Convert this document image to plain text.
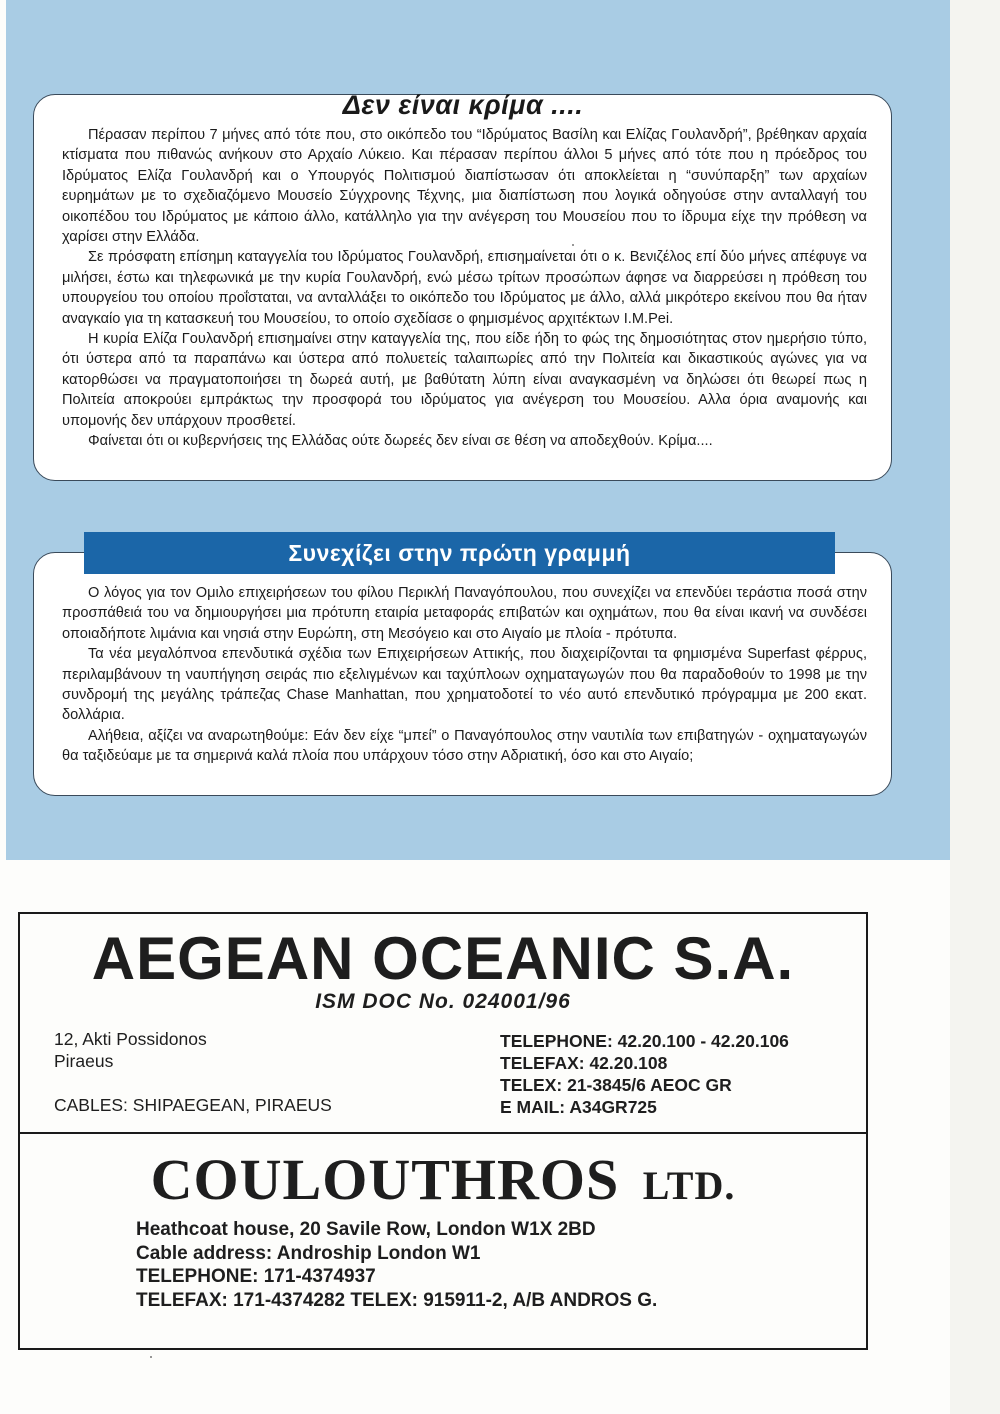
Πέρασαν περίπου 7 μήνες από τότε που, στο οικόπεδο του “Ιδρύματος Βασίλη και Ελίζας Γουλανδρή”, βρέθηκαν αρχαία κτίσματα που πιθανώς ανήκουν στο Αρχαίο Λύκειο. Και πέρασαν περίπου άλλοι 5 μήνες από τότε που η πρόεδρος του Ιδρύματος Ελίζα Γουλανδρή και ο Υπουργός Πολιτισμού διαπίστωσαν ότι αποκλείεται η “συνύπαρξη” των αρχαίων ευρημάτων με το σχεδιαζόμενο Μουσείο Σύγχρονης Τέχνης, μια διαπίστωση που λογικά οδηγούσε στην ανταλλαγή του οικοπέδου του Ιδρύματος με κάποιο άλλο, κατάλληλο για την ανέγερση του Μουσείου που το ίδρυμα είχε την πρόθεση να χαρίσει στην Ελλάδα.

Σε πρόσφατη επίσημη καταγγελία του Ιδρύματος Γουλανδρή, επισημαίνεται ότι ο κ. Βενιζέλος επί δύο μήνες απέφυγε να μιλήσει, έστω και τηλεφωνικά με την κυρία Γουλανδρή, ενώ μέσω τρίτων προσώπων άφησε να διαρρεύσει η πρόθεση του υπουργείου του οποίου προΐσταται, να ανταλλάξει το οικόπεδο του Ιδρύματος με άλλο, αλλά μικρότερο εκείνου που θα ήταν αναγκαίο για τη κατασκευή του Μουσείου, το οποίο σχεδίασε ο φημισμένος αρχιτέκτων I.M.Pei.

Η κυρία Ελίζα Γουλανδρή επισημαίνει στην καταγγελία της, που είδε ήδη το φώς της δημοσιότητας στον ημερήσιο τύπο, ότι ύστερα από τα παραπάνω και ύστερα από πολυετείς ταλαιπωρίες από την Πολιτεία και δικαστικούς αγώνες για να κατορθώσει να πραγματοποιήσει τη δωρεά αυτή, με βαθύτατη λύπη είναι αναγκασμένη να δηλώσει ότι θεωρεί πως η Πολιτεία αποκρούει εμπράκτως την προσφορά του ιδρύματος για ανέγερση του Μουσείου. Αλλα όρια αναμονής και υπομονής δεν υπάρχουν προσθετεί.

Φαίνεται ότι οι κυβερνήσεις της Ελλάδας ούτε δωρεές δεν είναι σε θέση να αποδεχθούν. Κρίμα....

Δεν είναι κρίμα ....

Ο λόγος για τον Ομιλο επιχειρήσεων του φίλου Περικλή Παναγόπουλου, που συνεχίζει να επενδύει τεράστια ποσά στην προσπάθειά του να δημιουργήσει μια πρότυπη εταιρία μεταφοράς επιβατών και οχημάτων, που θα είναι ικανή να συνδέσει οποιαδήποτε λιμάνια και νησιά στην Ευρώπη, στη Μεσόγειο και στο Αιγαίο με πλοία - πρότυπα.

Τα νέα μεγαλόπνοα επενδυτικά σχέδια των Επιχειρήσεων Αττικής, που διαχειρίζονται τα φημισμένα Superfast φέρρυς, περιλαμβάνουν τη ναυπήγηση σειράς πιο εξελιγμένων και ταχύπλοων οχηματαγωγών που θα παραδοθούν το 1998 με την συνδρομή της μεγάλης τράπεζας Chase Manhattan, που χρηματοδοτεί το νέο αυτό επενδυτικό πρόγραμμα με 200 εκατ. δολλάρια.

Αλήθεια, αξίζει να αναρωτηθούμε: Εάν δεν είχε “μπεί” ο Παναγόπουλος στην ναυτιλία των επιβατηγών - οχηματαγωγών θα ταξιδεύαμε με τα σημερινά καλά πλοία που υπάρχουν τόσο στην Αδριατική, όσο και στο Αιγαίο;

Συνεχίζει στην πρώτη γραμμή
AEGEAN OCEANIC S.A.
ISM DOC No. 024001/96
12, Akti Possidonos
Piraeus
CABLES: SHIPAEGEAN, PIRAEUS
TELEPHONE: 42.20.100 - 42.20.106
TELEFAX: 42.20.108
TELEX: 21-3845/6 AEOC GR
E MAIL: A34GR725
COULOUTHROS LTD.
Heathcoat house, 20 Savile Row, London W1X 2BD
Cable address: Androship London W1
TELEPHONE: 171-4374937
TELEFAX: 171-4374282 TELEX: 915911-2, A/B ANDROS G.
